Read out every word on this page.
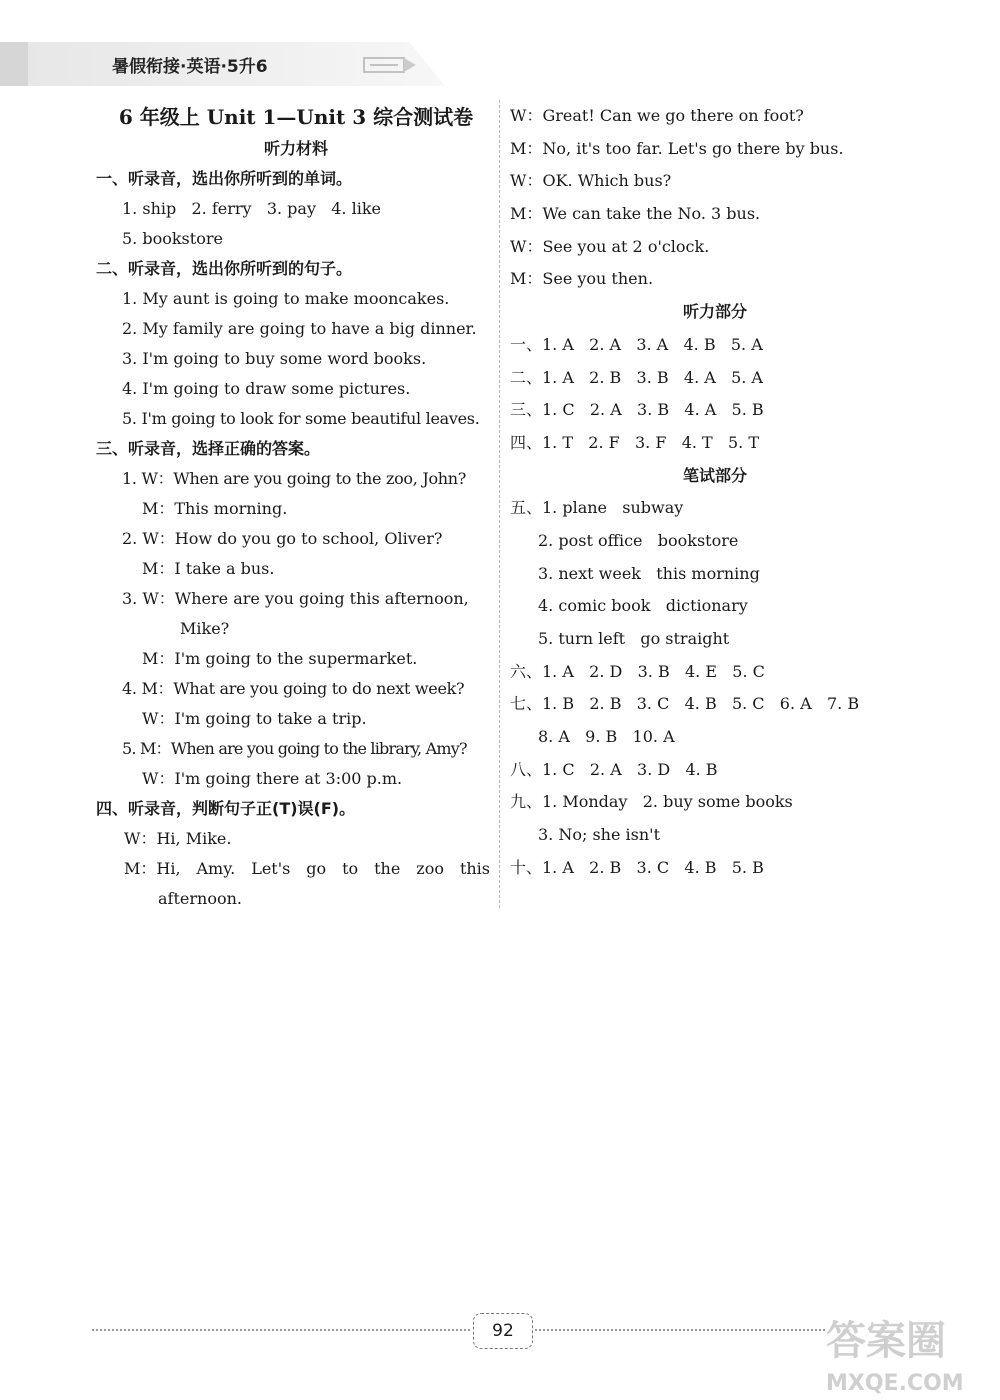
暑假衔接·英语·5升6
6 年级上 Unit 1—Unit 3 综合测试卷
听力材料
一、听录音，选出你所听到的单词。
1. ship   2. ferry   3. pay   4. like
5. bookstore
二、听录音，选出你所听到的句子。
1. My aunt is going to make mooncakes.
2. My family are going to have a big dinner.
3. I'm going to buy some word books.
4. I'm going to draw some pictures.
5. I'm going to look for some beautiful leaves.
三、听录音，选择正确的答案。
1. W：When are you going to the zoo, John?
M：This morning.
2. W：How do you go to school, Oliver?
M：I take a bus.
3. W：Where are you going this afternoon,
Mike?
M：I'm going to the supermarket.
4. M：What are you going to do next week?
W：I'm going to take a trip.
5. M：When are you going to the library, Amy?
W：I'm going there at 3:00 p.m.
四、听录音，判断句子正(T)误(F)。
W：Hi, Mike.
M：Hi, Amy. Let's go to the zoo this
afternoon.
W：Great! Can we go there on foot?
M：No, it's too far. Let's go there by bus.
W：OK. Which bus?
M：We can take the No. 3 bus.
W：See you at 2 o'clock.
M：See you then.
听力部分
一、1. A   2. A   3. A   4. B   5. A
二、1. A   2. B   3. B   4. A   5. A
三、1. C   2. A   3. B   4. A   5. B
四、1. T   2. F   3. F   4. T   5. T
笔试部分
五、1. plane   subway
2. post office   bookstore
3. next week   this morning
4. comic book   dictionary
5. turn left   go straight
六、1. A   2. D   3. B   4. E   5. C
七、1. B   2. B   3. C   4. B   5. C   6. A   7. B
8. A   9. B   10. A
八、1. C   2. A   3. D   4. B
九、1. Monday   2. buy some books
3. No; she isn't
十、1. A   2. B   3. C   4. B   5. B
92	答案圈
MXQE.COM
